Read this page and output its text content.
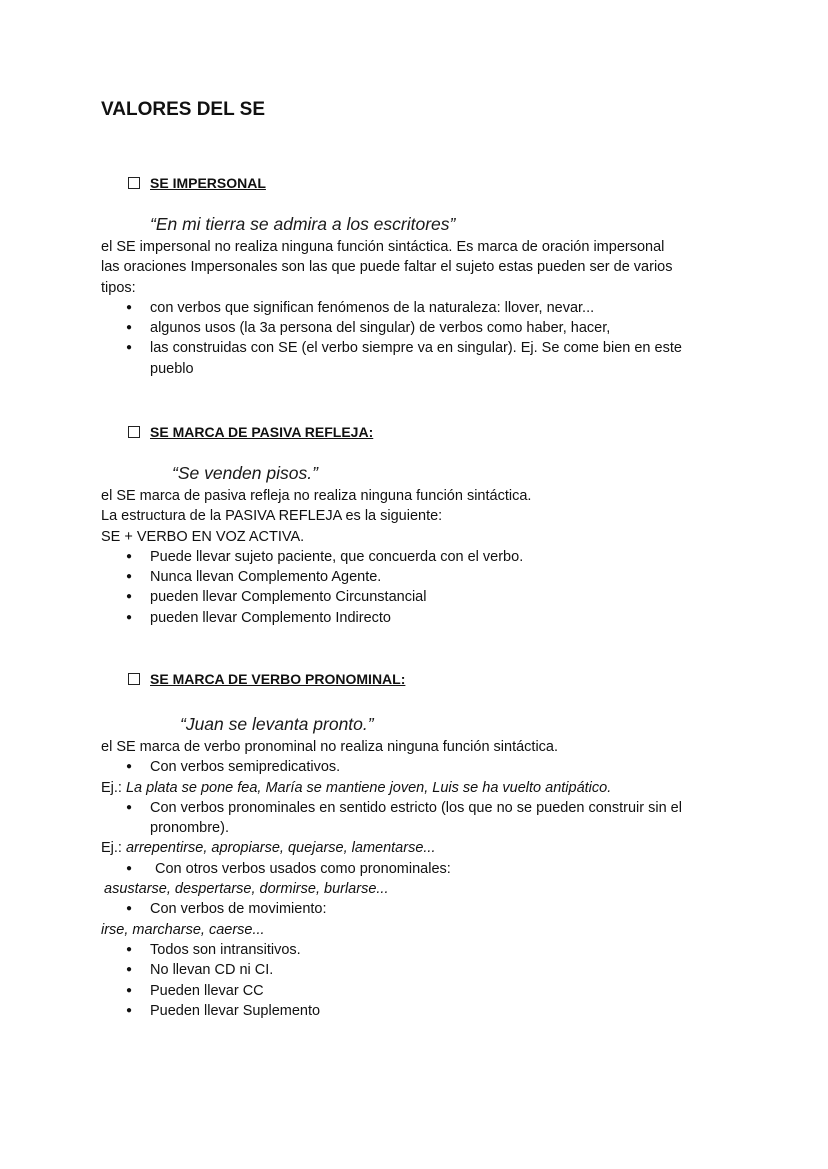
VALORES DEL SE
SE IMPERSONAL
“En mi tierra se admira a los escritores”

el SE impersonal no realiza ninguna función sintáctica. Es marca de oración impersonal

las oraciones Impersonales son las que puede faltar el sujeto estas pueden ser de varios

tipos:

● con verbos que significan fenómenos de la naturaleza: llover, nevar...

● algunos usos (la 3a persona del singular) de verbos como haber, hacer,

● las construidas con SE (el verbo siempre va en singular). Ej. Se come bien en este

pueblo

SE MARCA DE PASIVA REFLEJA:
“Se venden pisos.”

el SE marca de pasiva refleja no realiza ninguna función sintáctica.

La estructura de la PASIVA REFLEJA es la siguiente:

SE + VERBO EN VOZ ACTIVA.

● Puede llevar sujeto paciente, que concuerda con el verbo.

● Nunca llevan Complemento Agente.

● pueden llevar Complemento Circunstancial

● pueden llevar Complemento Indirecto

SE MARCA DE VERBO PRONOMINAL:
“Juan se levanta pronto.”

el SE marca de verbo pronominal no realiza ninguna función sintáctica.

● Con verbos semipredicativos.

Ej.: La plata se pone fea, María se mantiene joven, Luis se ha vuelto antipático.

● Con verbos pronominales en sentido estricto (los que no se pueden construir sin el

pronombre).

Ej.: arrepentirse, apropiarse, quejarse, lamentarse...

● Con otros verbos usados como pronominales:

asustarse, despertarse, dormirse, burlarse...

● Con verbos de movimiento:

irse, marcharse, caerse...

● Todos son intransitivos.

● No llevan CD ni CI.

● Pueden llevar CC

● Pueden llevar Suplemento
